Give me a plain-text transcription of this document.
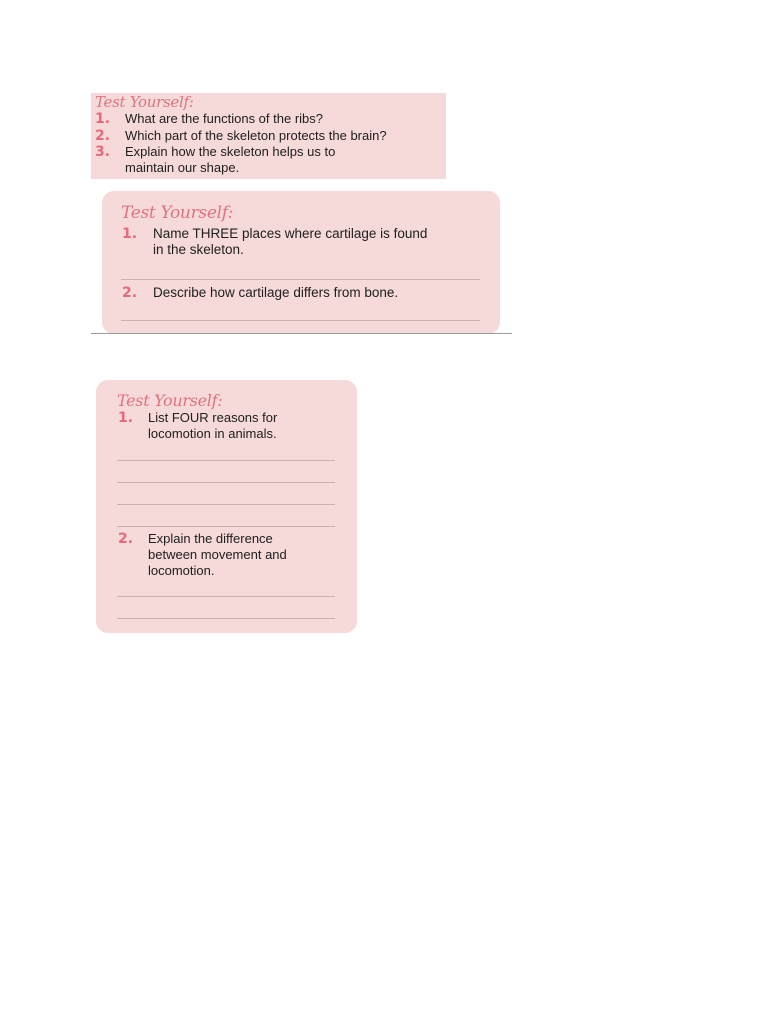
Test Yourself:
1.	What are the functions of the ribs?
2.	Which part of the skeleton protects the brain?
3.	Explain how the skeleton helps us to
maintain our shape.
Test Yourself:
1.	Name THREE places where cartilage is found
in the skeleton.
2.	Describe how cartilage differs from bone.
Test Yourself:
1.	List FOUR reasons for
locomotion in animals.
2.	Explain the difference
between movement and
locomotion.
